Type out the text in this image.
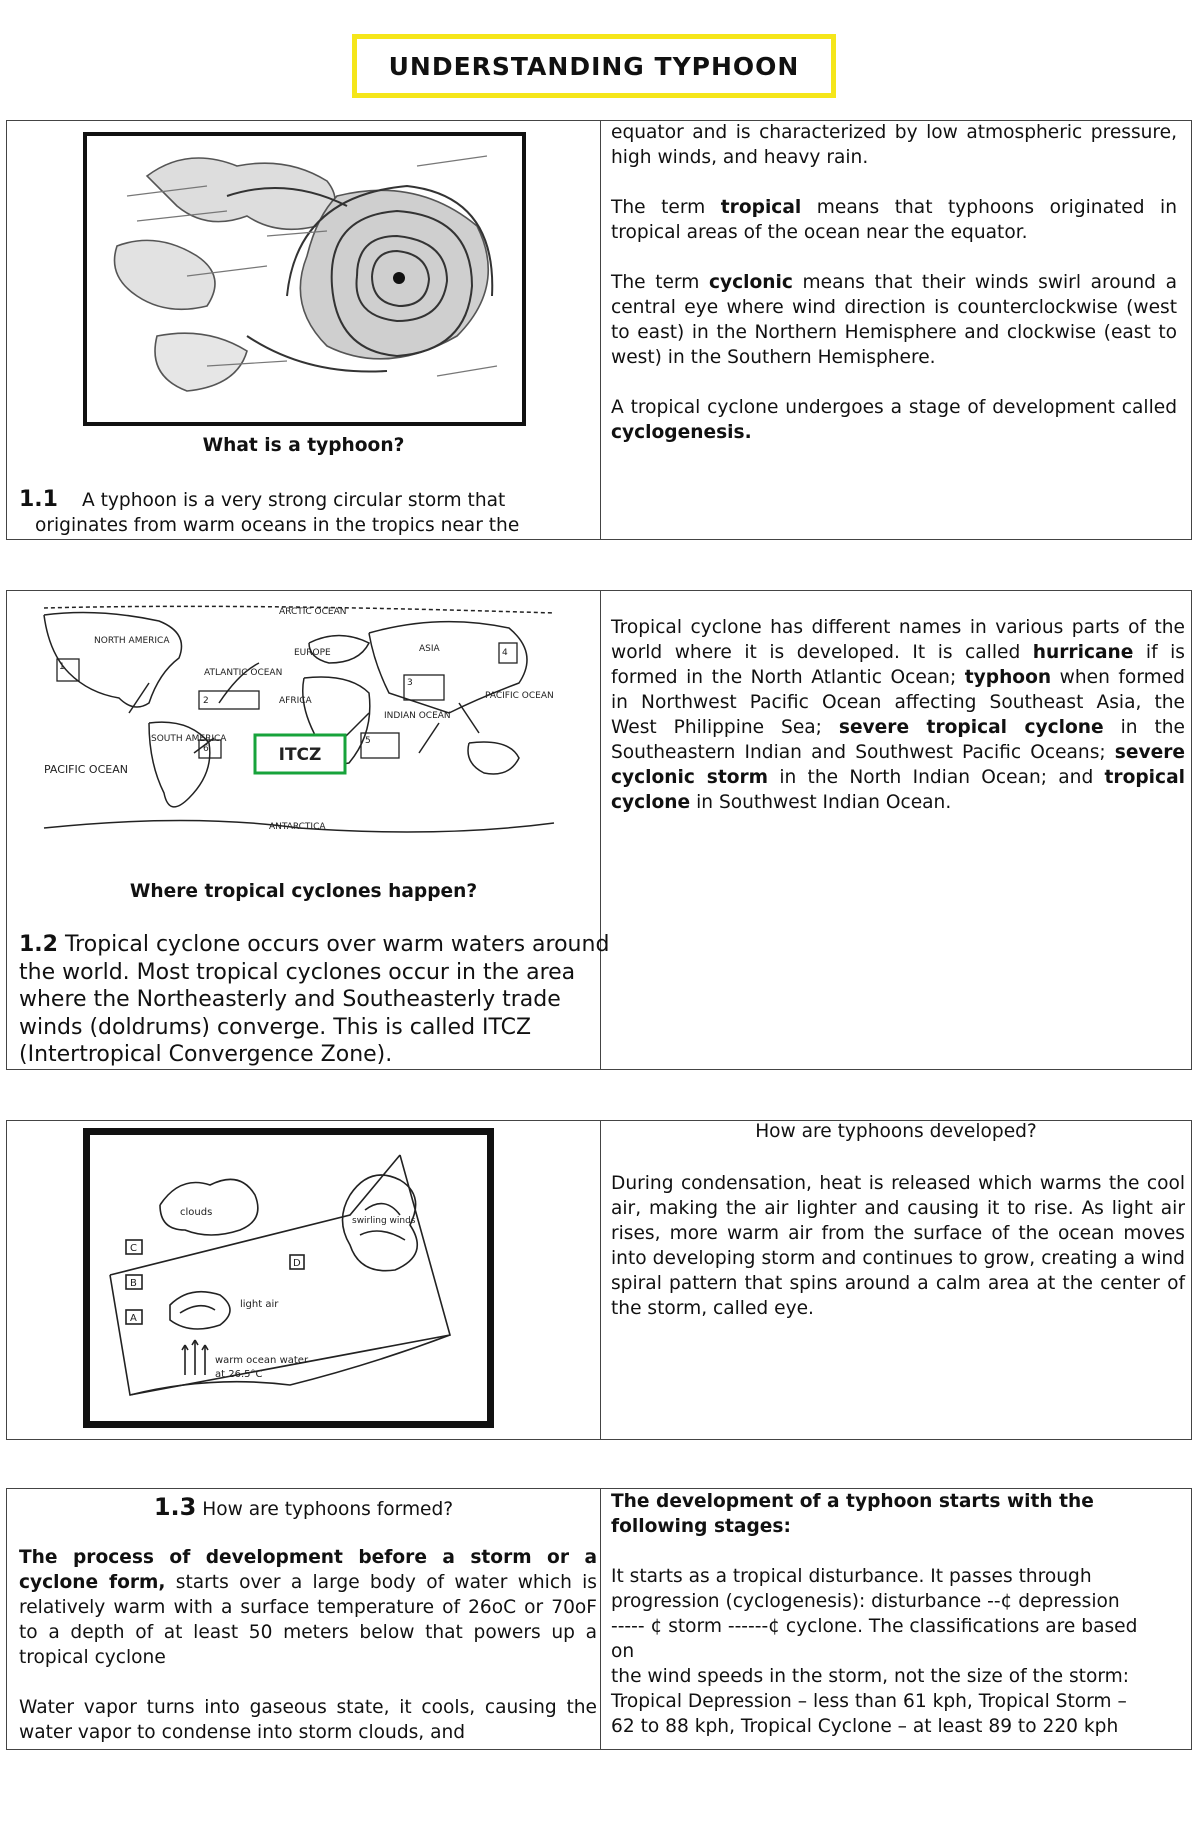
UNDERSTANDING TYPHOON
What is a typhoon?
1.1 A typhoon is a very strong circular storm that
originates from warm oceans in the tropics near the

equator and is characterized by low atmospheric pressure, high winds, and heavy rain.

The term tropical means that typhoons originated in tropical areas of the ocean near the equator.

The term cyclonic means that their winds swirl around a central eye where wind direction is counterclockwise (west to east) in the Northern Hemisphere and clockwise (east to west) in the Southern Hemisphere.

A tropical cyclone undergoes a stage of development called cyclogenesis.

ARCTIC OCEAN
NORTH AMERICA
ATLANTIC OCEAN
EUROPE	ASIA
AFRICA	PACIFIC OCEAN
INDIAN OCEAN
SOUTH AMERICA
PACIFIC OCEAN
ANTARCTICA
1
2
3
4
5
6	ITCZ
Where tropical cyclones happen?
1.2 Tropical cyclone occurs over warm waters around the world. Most tropical cyclones occur in the area where the Northeasterly and Southeasterly trade winds (doldrums) converge. This is called ITCZ (Intertropical Convergence Zone).
Tropical cyclone has different names in various parts of the world where it is developed. It is called hurricane if is formed in the North Atlantic Ocean; typhoon when formed in Northwest Pacific Ocean affecting Southeast Asia, the West Philippine Sea; severe tropical cyclone in the Southeastern Indian and Southwest Pacific Oceans; severe cyclonic storm in the North Indian Ocean; and tropical cyclone in Southwest Indian Ocean.
clouds
swirling winds
light air
warm ocean water
at 26.5°C
C
B
A
D
How are typhoons developed?
During condensation, heat is released which warms the cool air, making the air lighter and causing it to rise. As light air rises, more warm air from the surface of the ocean moves into developing storm and continues to grow, creating a wind spiral pattern that spins around a calm area at the center of the storm, called eye.
1.3 How are typhoons formed?

The process of development before a storm or a cyclone form, starts over a large body of water which is relatively warm with a surface temperature of 26oC or 70oF to a depth of at least 50 meters below that powers up a tropical cyclone

Water vapor turns into gaseous state, it cools, causing the water vapor to condense into storm clouds, and

The development of a typhoon starts with the following stages:
It starts as a tropical disturbance. It passes through
progression (cyclogenesis): disturbance --¢ depression
----- ¢ storm ------¢ cyclone. The classifications are based
on
the wind speeds in the storm, not the size of the storm:
Tropical Depression – less than 61 kph, Tropical Storm –
62 to 88 kph, Tropical Cyclone – at least 89 to 220 kph
